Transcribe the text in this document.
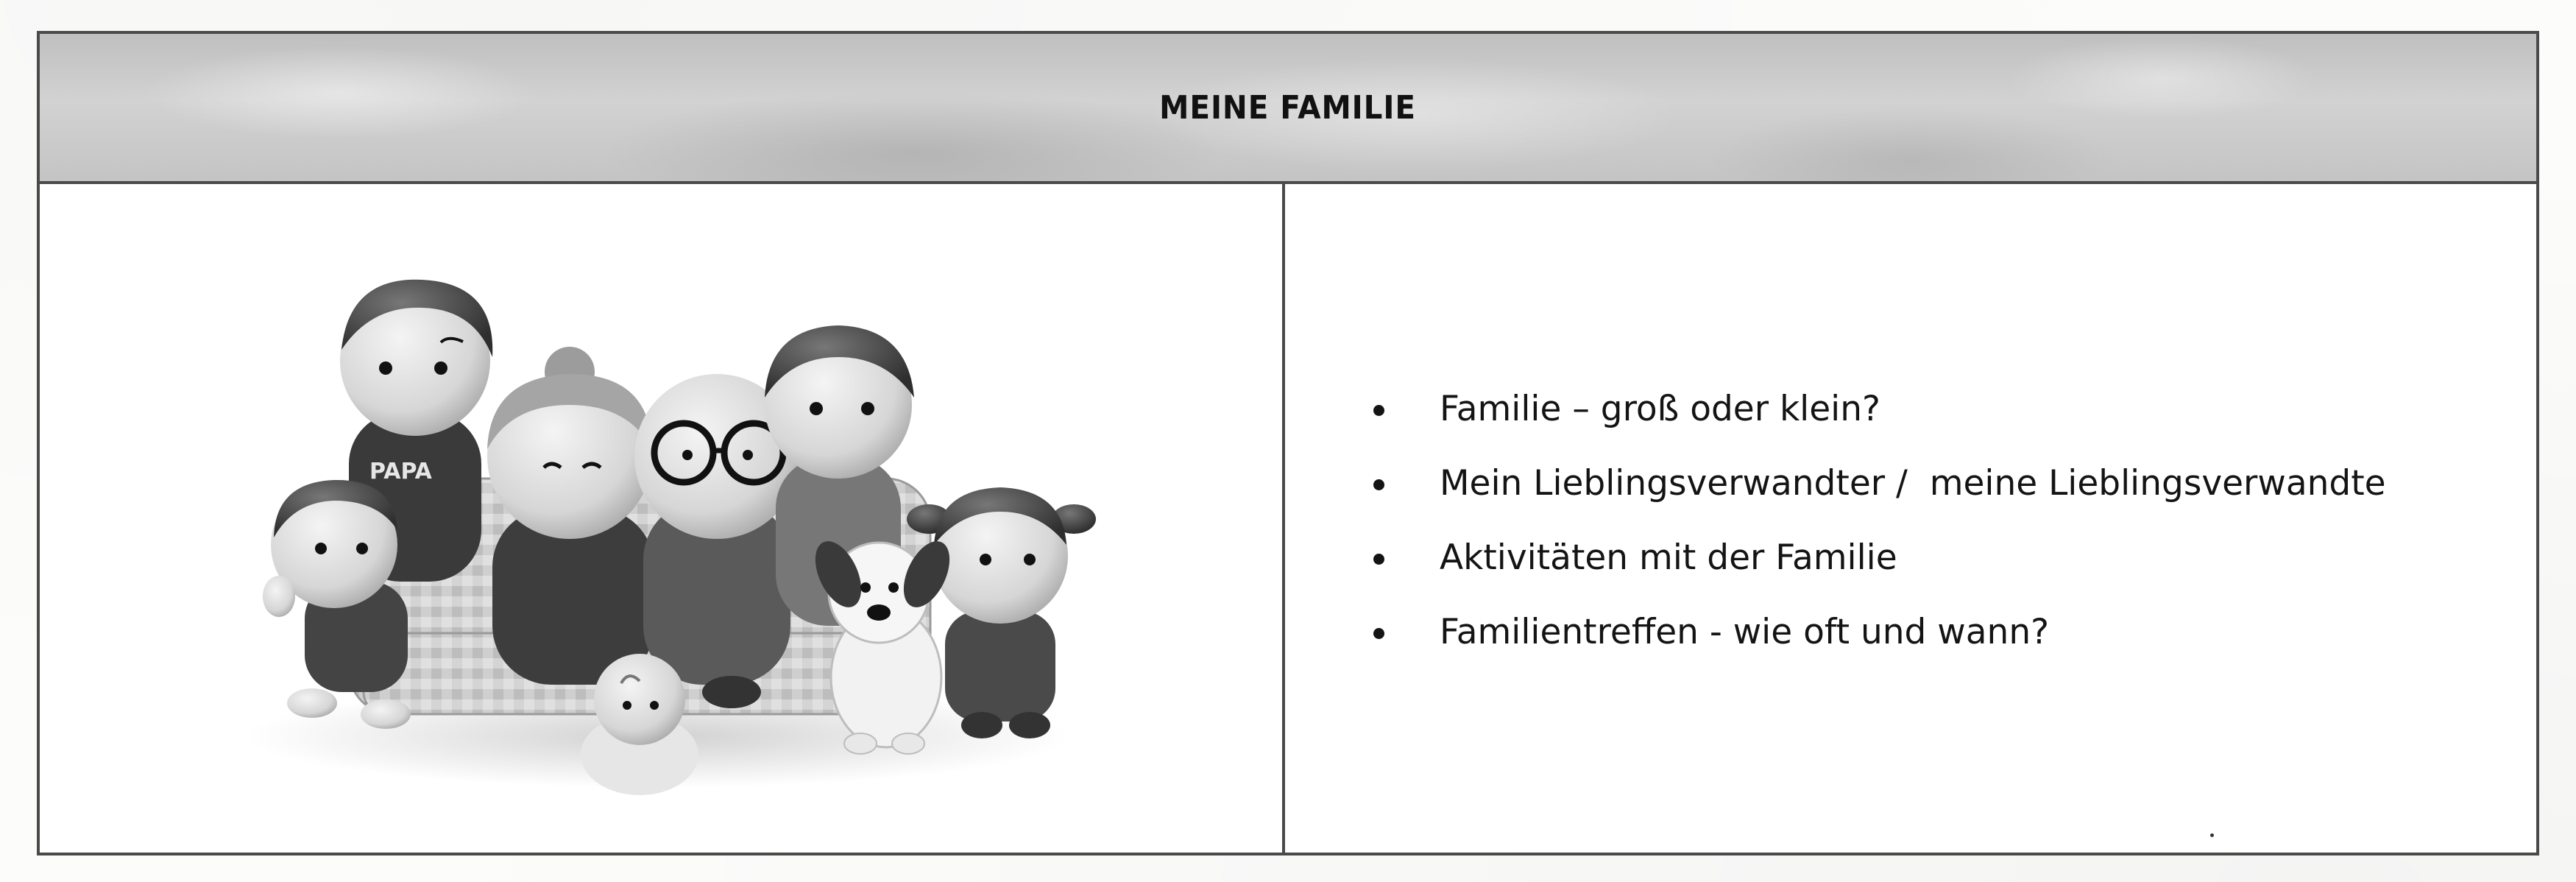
MEINE FAMILIE
PAPA
Familie – groß oder klein?
Mein Lieblingsverwandter /  meine Lieblingsverwandte
Aktivitäten mit der Familie
Familientreffen - wie oft und wann?
